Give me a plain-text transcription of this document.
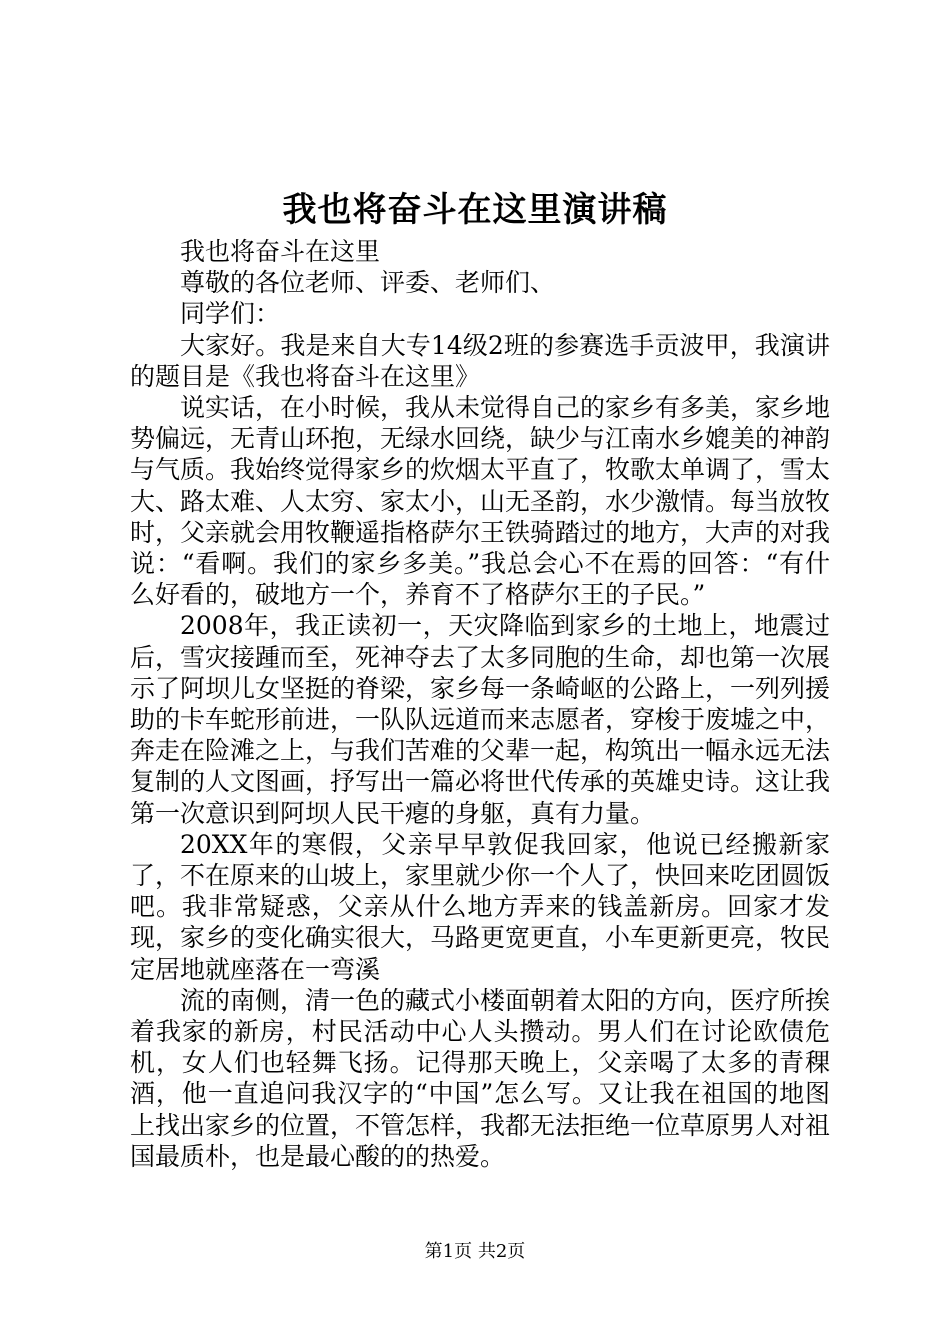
我也将奋斗在这里演讲稿

我也将奋斗在这里

尊敬的各位老师、评委、老师们、

同学们：

大家好。我是来自大专14级2班的参赛选手贡波甲，我演讲的题目是《我也将奋斗在这里》

说实话，在小时候，我从未觉得自己的家乡有多美，家乡地势偏远，无青山环抱，无绿水回绕，缺少与江南水乡媲美的神韵与气质。我始终觉得家乡的炊烟太平直了，牧歌太单调了，雪太大、路太难、人太穷、家太小，山无圣韵，水少激情。每当放牧时，父亲就会用牧鞭遥指格萨尔王铁骑踏过的地方，大声的对我说：“看啊。我们的家乡多美。”我总会心不在焉的回答：“有什么好看的，破地方一个，养育不了格萨尔王的子民。”

2008年，我正读初一，天灾降临到家乡的土地上，地震过后，雪灾接踵而至，死神夺去了太多同胞的生命，却也第一次展示了阿坝儿女坚挺的脊梁，家乡每一条崎岖的公路上，一列列援助的卡车蛇形前进，一队队远道而来志愿者，穿梭于废墟之中，奔走在险滩之上，与我们苦难的父辈一起，构筑出一幅永远无法复制的人文图画，抒写出一篇必将世代传承的英雄史诗。这让我第一次意识到阿坝人民干瘪的身躯，真有力量。

20XX年的寒假，父亲早早敦促我回家，他说已经搬新家了，不在原来的山坡上，家里就少你一个人了，快回来吃团圆饭吧。我非常疑惑，父亲从什么地方弄来的钱盖新房。回家才发现，家乡的变化确实很大，马路更宽更直，小车更新更亮，牧民定居地就座落在一弯溪

流的南侧，清一色的藏式小楼面朝着太阳的方向，医疗所挨着我家的新房，村民活动中心人头攒动。男人们在讨论欧债危机，女人们也轻舞飞扬。记得那天晚上，父亲喝了太多的青稞酒，他一直追问我汉字的“中国”怎么写。又让我在祖国的地图上找出家乡的位置，不管怎样，我都无法拒绝一位草原男人对祖国最质朴，也是最心酸的的热爱。

第1页 共2页
